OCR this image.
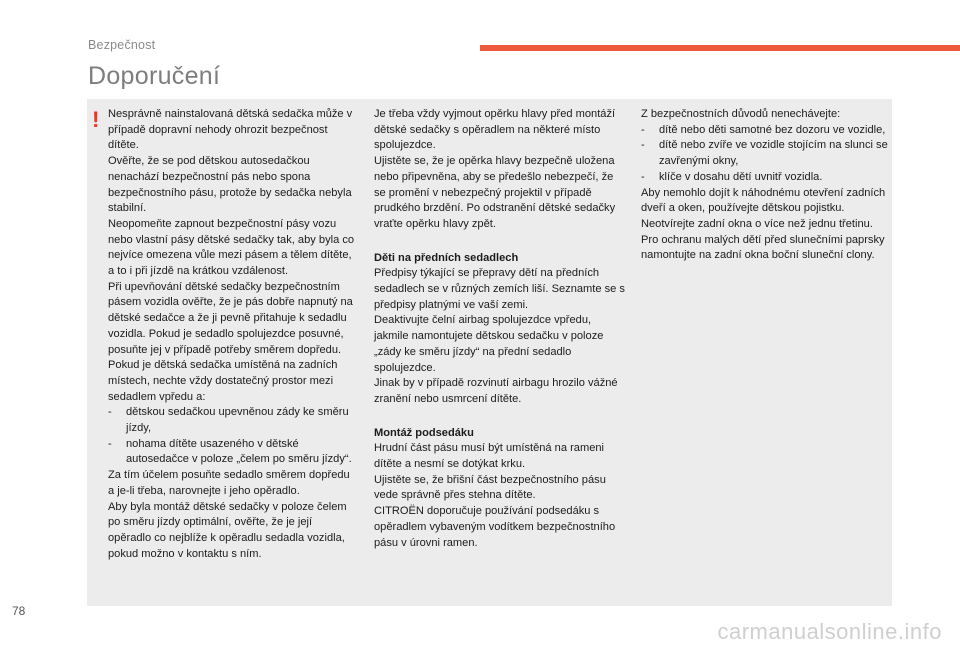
Bezpečnost
Doporučení
! Nesprávně nainstalovaná dětská sedačka může v případě dopravní nehody ohrozit bezpečnost dítěte.

Ověřte, že se pod dětskou autosedačkou nenachází bezpečnostní pás nebo spona bezpečnostního pásu, protože by sedačka nebyla stabilní.

Neopomeňte zapnout bezpečnostní pásy vozu nebo vlastní pásy dětské sedačky tak, aby byla co nejvíce omezena vůle mezi pásem a tělem dítěte, a to i při jízdě na krátkou vzdálenost.

Při upevňování dětské sedačky bezpečnostním pásem vozidla ověřte, že je pás dobře napnutý na dětské sedačce a že ji pevně přitahuje k sedadlu vozidla. Pokud je sedadlo spolujezdce posuvné, posuňte jej v případě potřeby směrem dopředu.

Pokud je dětská sedačka umístěná na zadních místech, nechte vždy dostatečný prostor mezi sedadlem vpředu a:

-	dětskou sedačkou upevněnou zády ke směru jízdy,
-	nohama dítěte usazeného v dětské autosedačce v poloze „čelem po směru jízdy“.

Za tím účelem posuňte sedadlo směrem dopředu a je-li třeba, narovnejte i jeho opěradlo.

Aby byla montáž dětské sedačky v poloze čelem po směru jízdy optimální, ověřte, že je její opěradlo co nejblíže k opěradlu sedadla vozidla, pokud možno v kontaktu s ním.

Je třeba vždy vyjmout opěrku hlavy před montáží dětské sedačky s opěradlem na některé místo spolujezdce.

Ujistěte se, že je opěrka hlavy bezpečně uložena nebo připevněna, aby se předešlo nebezpečí, že se promění v nebezpečný projektil v případě prudkého brzdění. Po odstranění dětské sedačky vraťte opěrku hlavy zpět.

Děti na předních sedadlech

Předpisy týkající se přepravy dětí na předních sedadlech se v různých zemích liší. Seznamte se s předpisy platnými ve vaší zemi.

Deaktivujte čelní airbag spolujezdce vpředu, jakmile namontujete dětskou sedačku v poloze „zády ke směru jízdy“ na přední sedadlo spolujezdce.

Jinak by v případě rozvinutí airbagu hrozilo vážné zranění nebo usmrcení dítěte.

Montáž podsedáku

Hrudní část pásu musí být umístěná na rameni dítěte a nesmí se dotýkat krku.

Ujistěte se, že břišní část bezpečnostního pásu vede správně přes stehna dítěte.

CITROËN doporučuje používání podsedáku s opěradlem vybaveným vodítkem bezpečnostního pásu v úrovni ramen.

Z bezpečnostních důvodů nenechávejte:

-	dítě nebo děti samotné bez dozoru ve vozidle,
-	dítě nebo zvíře ve vozidle stojícím na slunci se zavřenými okny,
-	klíče v dosahu dětí uvnitř vozidla.

Aby nemohlo dojít k náhodnému otevření zadních dveří a oken, používejte dětskou pojistku.

Neotvírejte zadní okna o více než jednu třetinu.

Pro ochranu malých dětí před slunečními paprsky namontujte na zadní okna boční sluneční clony.

78
carmanualsonline.info
